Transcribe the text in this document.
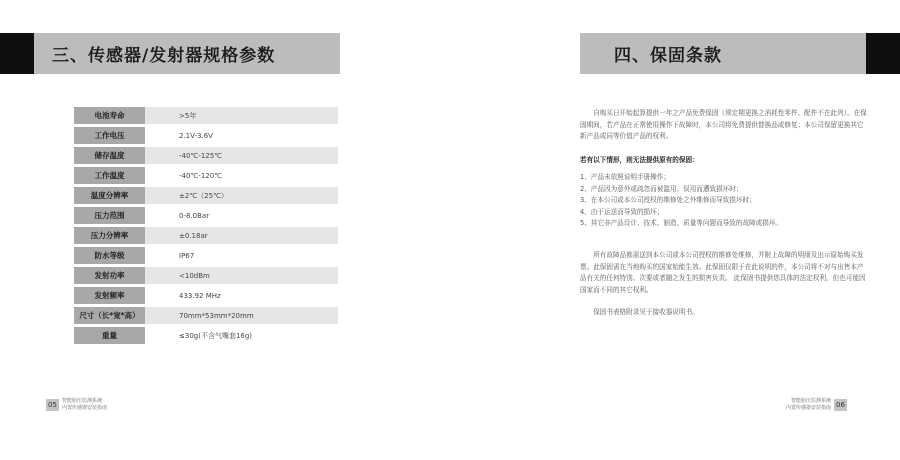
三、传感器/发射器规格参数
电池寿命	>5年
工作电压	2.1V-3.6V
储存温度	-40℃-125℃
工作温度	-40℃-120℃
温度分辨率	±2℃（25℃）
压力范围	0-8.0Bar
压力分辨率	±0.18ar
防水等级	IP67
发射功率	<10dBm
发射频率	433.92 MHz
尺寸（长*宽*高）	70mm*53mm*20mm
重量	≤30g(不含气嘴套16g)
05	智能胎压监测系统
内置传感器安装指南
四、保固条款
自购买日开始起算提供一年之产品免费保固（须定期更换之消耗性零件、配件不在此列）。在保固期间，若产品在正常使用操作下故障时，本公司将免费提供替换品或修复；本公司保留更换其它新产品或同等价值产品的权利。
若有以下情形，则无法提供原有的保固：

1、产品未依照说明手册操作；

2、产品因为意外或疏忽而被滥用、误用而遭致损坏时；

3、在本公司或本公司授权的维修处之外维修而导致损坏时；

4、由于运送而导致的损坏；

5、其它非产品设计、技术、制造、质量等问题而导致的故障或损坏。

所有故障品都需送到本公司或本公司授权的维修处维修，并附上故障的明细及出示原始购买发票。此保固需在当地购买的国家始能生效。此保固仅限于在此说明的件，本公司将不对与出售本产品有关的任何特别、次要或者随之发生的损害负责。 此保固书提供您具体的法定权利，但也可能因国家而不同的其它权利。
保固书表格附录见于接收器说明书。
智能胎压监测系统
内置传感器安装指南 06
